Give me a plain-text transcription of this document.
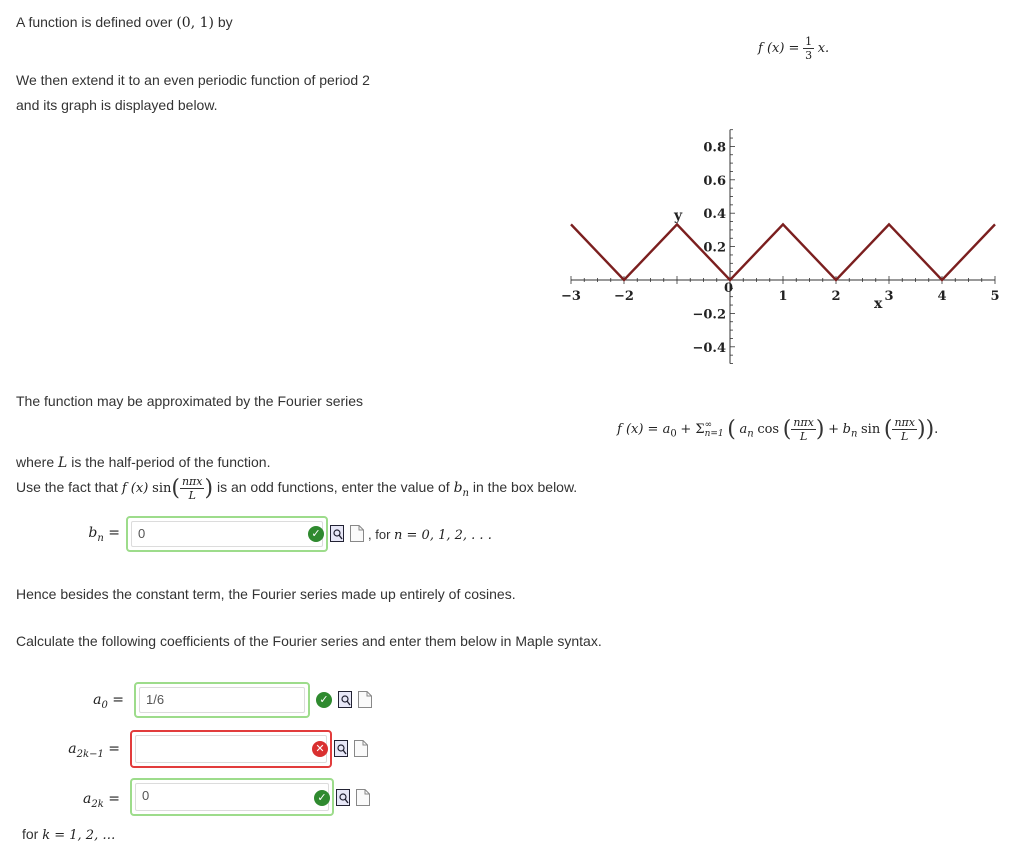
A function is defined over (0, 1) by
f $(x) = \frac{1}{3} x$.
We then extend it to an even periodic function of period 2
and its graph is displayed below.
−3	−2	1	2	3	4	5
0.8
0.6
0.4
0.2
−0.2
−0.4
y
x
0
The function may be approximated by the Fourier series
f $(x) = a_0 + \Sigma$ ∞
n=1 ( $a_n$ cos ( $\frac{\text{nπx}}{L}$ ) + $b_n$ sin ( $\frac{\text{nπx}}{L}$ )).
where L is the half-period of the function.
Use the fact that f (x) $\sin( \frac{\text{nπx}}{L}$ ) is an odd functions, enter the value of $b_n$ in the box below.
$b_n$ =	0	✓	, for n = 0, 1, 2, . . .
Hence besides the constant term, the Fourier series made up entirely of cosines.
Calculate the following coefficients of the Fourier series and enter them below in Maple syntax.
$a_0$ =	1/6	✓
$a_{2k-1}$ =	✕
$a_{2k}$ =	0	✓
for k = 1, 2, …
